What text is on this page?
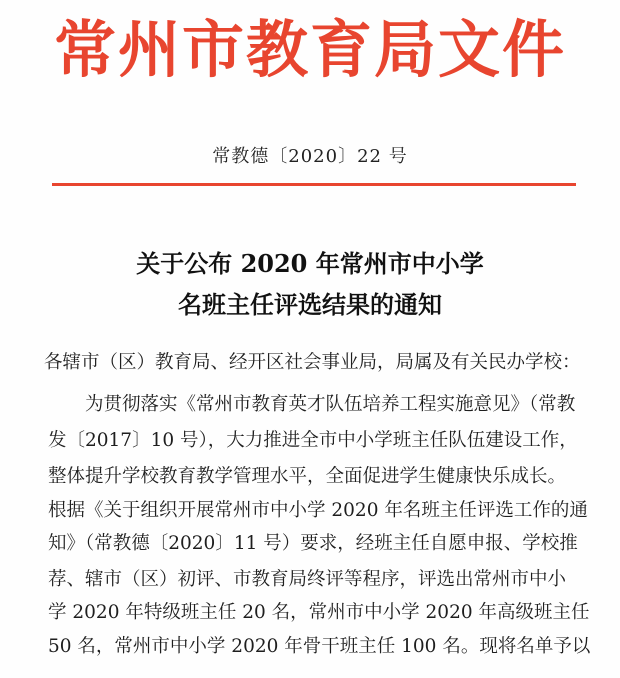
常州市教育局文件
常教德〔2020〕22 号
关于公布 2020 年常州市中小学
名班主任评选结果的通知
各辖市（区）教育局、经开区社会事业局，局属及有关民办学校：
　　为贯彻落实《常州市教育英才队伍培养工程实施意见》（常教
发〔2017〕10 号），大力推进全市中小学班主任队伍建设工作，
整体提升学校教育教学管理水平，全面促进学生健康快乐成长。
根据《关于组织开展常州市中小学 2020 年名班主任评选工作的通
知》（常教德〔2020〕11 号）要求，经班主任自愿申报、学校推
荐、辖市（区）初评、市教育局终评等程序，评选出常州市中小
学 2020 年特级班主任 20 名，常州市中小学 2020 年高级班主任
50 名，常州市中小学 2020 年骨干班主任 100 名。现将名单予以
